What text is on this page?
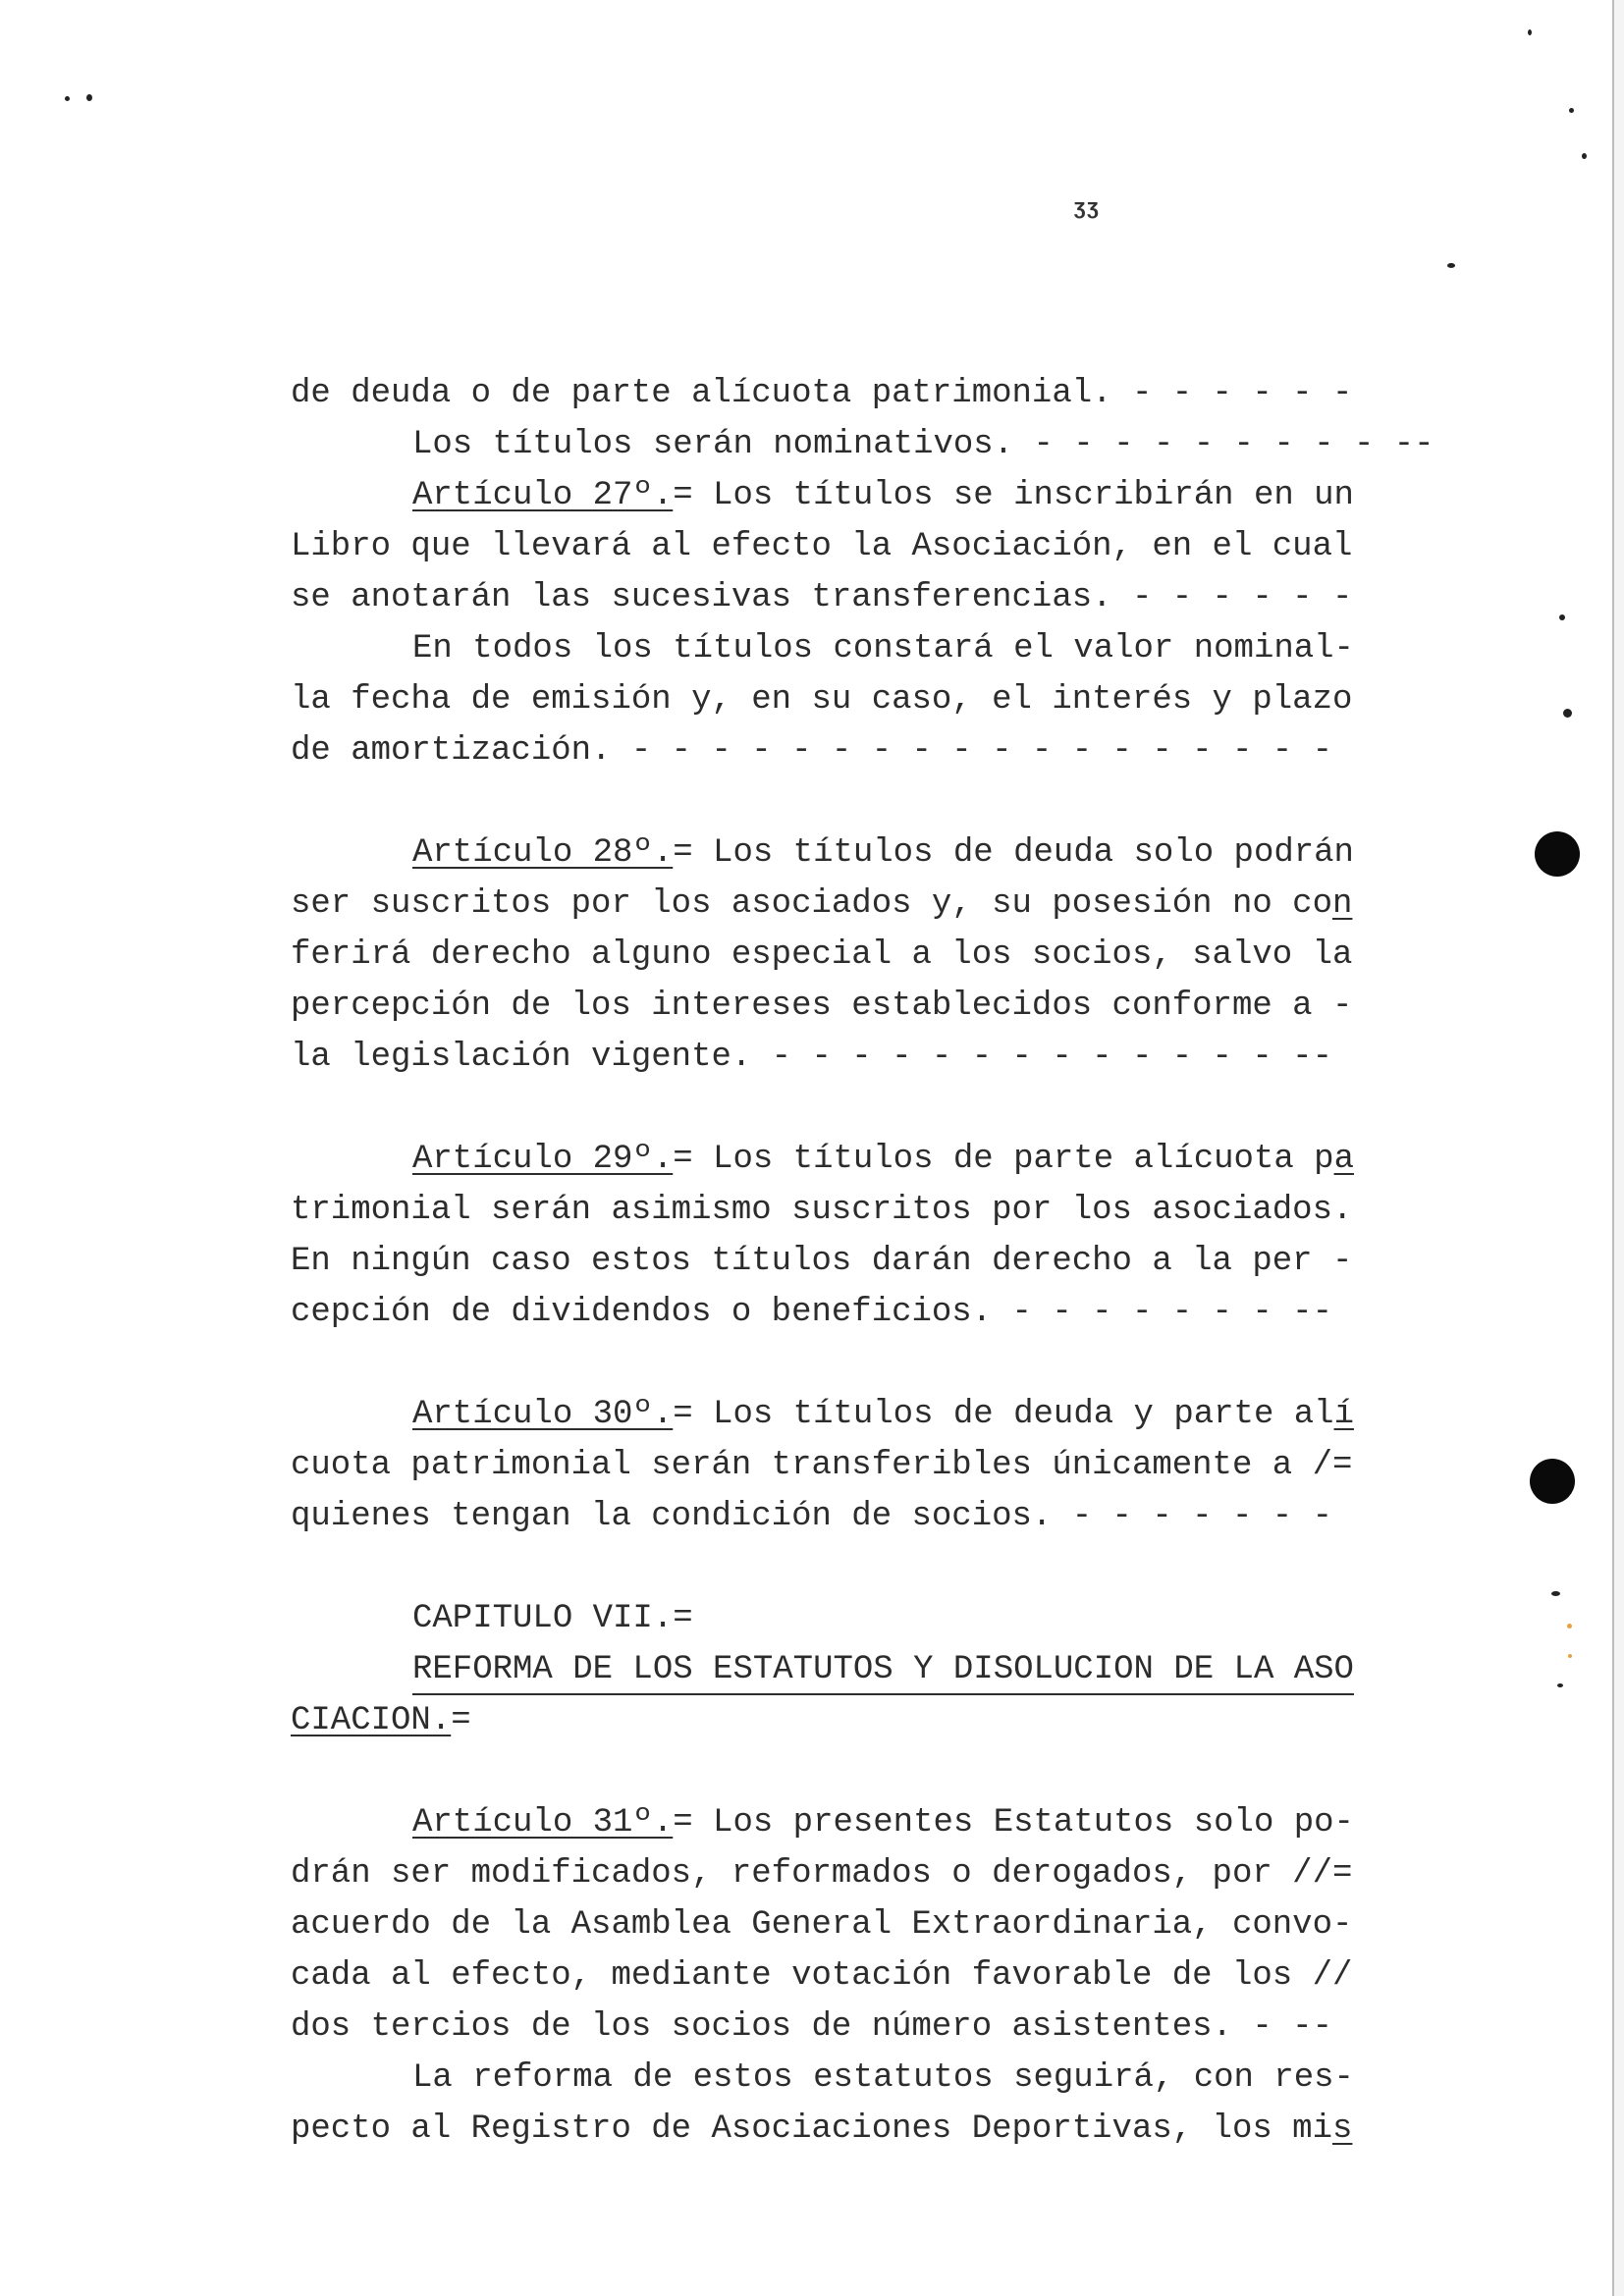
ʒʒ
de deuda o de parte alícuota patrimonial. - - - - - -
Los títulos serán nominativos. - - - - - - - - - --
Artículo 27º.= Los títulos se inscribirán en un
Libro que llevará al efecto la Asociación, en el cual
se anotarán las sucesivas transferencias. - - - - - -
En todos los títulos constará el valor nominal-
la fecha de emisión y, en su caso, el interés y plazo
de amortización. - - - - - - - - - - - - - - - - - -
Artículo 28º.= Los títulos de deuda solo podrán
ser suscritos por los asociados y, su posesión no con
ferirá derecho alguno especial a los socios, salvo la
percepción de los intereses establecidos conforme a -
la legislación vigente. - - - - - - - - - - - - - --
Artículo 29º.= Los títulos de parte alícuota pa
trimonial serán asimismo suscritos por los asociados.
En ningún caso estos títulos darán derecho a la per -
cepción de dividendos o beneficios. - - - - - - - --
Artículo 30º.= Los títulos de deuda y parte alí
cuota patrimonial serán transferibles únicamente a /=
quienes tengan la condición de socios. - - - - - - -
CAPITULO VII.=
REFORMA DE LOS ESTATUTOS Y DISOLUCION DE LA ASO
CIACION.=
Artículo 31º.= Los presentes Estatutos solo po-
drán ser modificados, reformados o derogados, por //=
acuerdo de la Asamblea General Extraordinaria, convo-
cada al efecto, mediante votación favorable de los //
dos tercios de los socios de número asistentes. - --
La reforma de estos estatutos seguirá, con res-
pecto al Registro de Asociaciones Deportivas, los mis
